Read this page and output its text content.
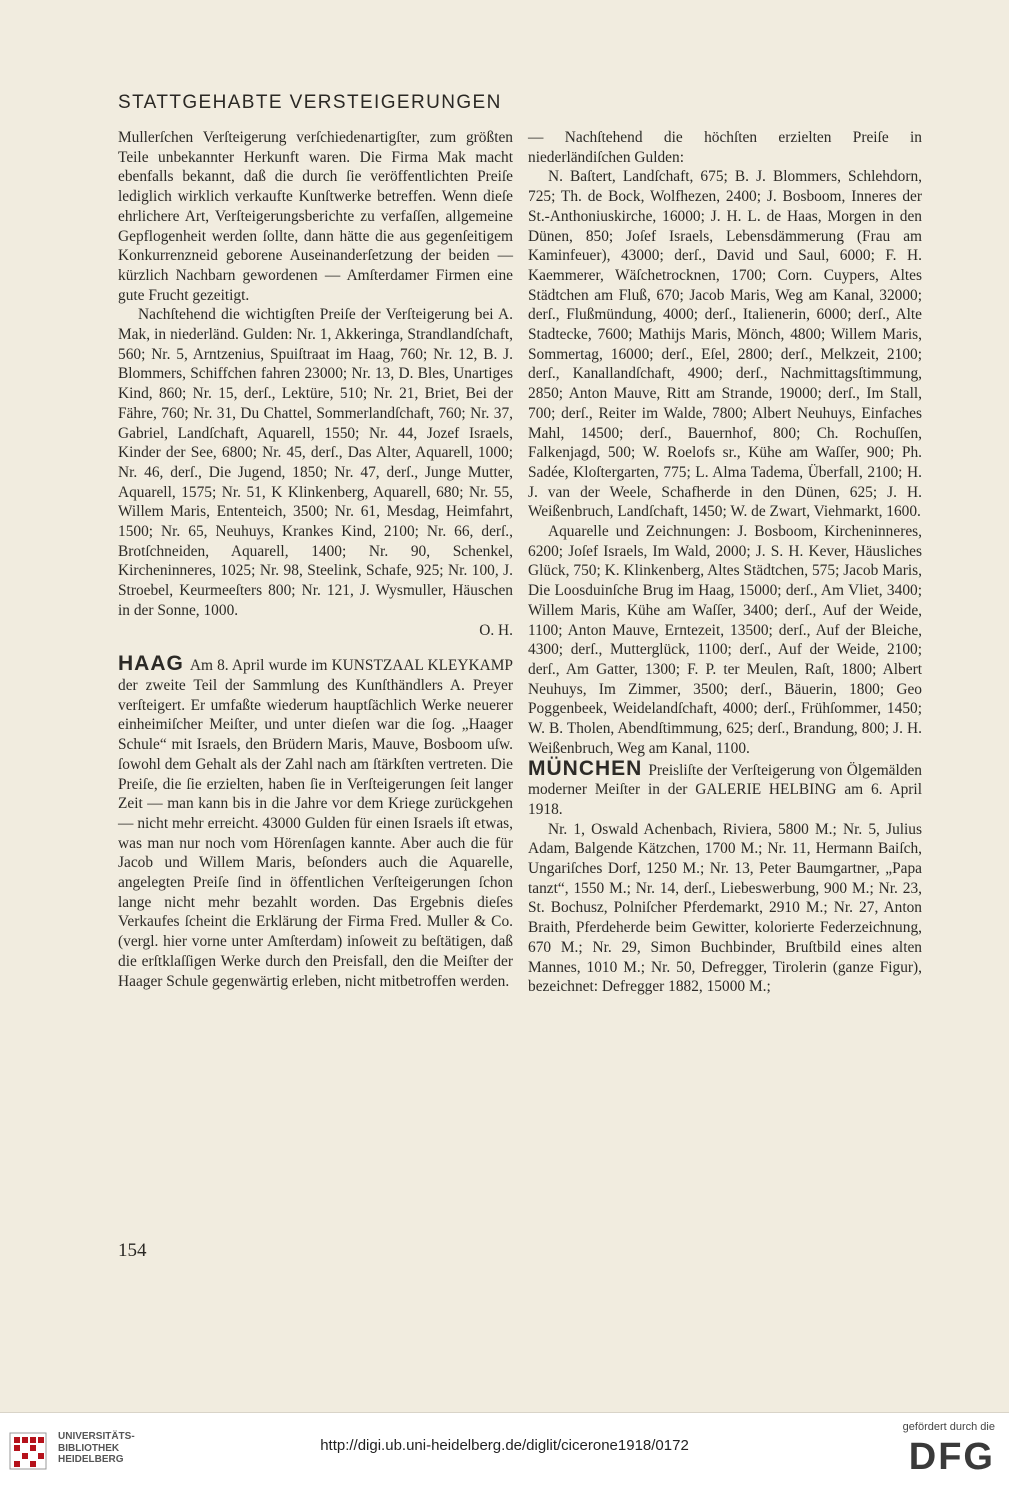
STATTGEHABTE VERSTEIGERUNGEN

Mullerſchen Verſteigerung verſchiedenartigſter, zum größten Teile unbekannter Herkunft waren. Die Firma Mak macht ebenfalls bekannt, daß die durch ſie veröffentlichten Preiſe lediglich wirklich verkaufte Kunſtwerke betreffen. Wenn dieſe ehrlichere Art, Verſteigerungsberichte zu verfaſſen, allgemeine Gepflogenheit werden ſollte, dann hätte die aus gegenſeitigem Konkurrenzneid geborene Auseinanderſetzung der beiden — kürzlich Nachbarn gewordenen — Amſterdamer Firmen eine gute Frucht gezeitigt.

Nachſtehend die wichtigſten Preiſe der Verſteigerung bei A. Mak, in niederländ. Gulden: Nr. 1, Akkeringa, Strandlandſchaft, 560; Nr. 5, Arntzenius, Spuiſtraat im Haag, 760; Nr. 12, B. J. Blommers, Schiffchen fahren 23000; Nr. 13, D. Bles, Unartiges Kind, 860; Nr. 15, derſ., Lektüre, 510; Nr. 21, Briet, Bei der Fähre, 760; Nr. 31, Du Chattel, Sommerlandſchaft, 760; Nr. 37, Gabriel, Landſchaft, Aquarell, 1550; Nr. 44, Jozef Israels, Kinder der See, 6800; Nr. 45, derſ., Das Alter, Aquarell, 1000; Nr. 46, derſ., Die Jugend, 1850; Nr. 47, derſ., Junge Mutter, Aquarell, 1575; Nr. 51, K Klinkenberg, Aquarell, 680; Nr. 55, Willem Maris, Ententeich, 3500; Nr. 61, Mesdag, Heimfahrt, 1500; Nr. 65, Neuhuys, Krankes Kind, 2100; Nr. 66, derſ., Brotſchneiden, Aquarell, 1400; Nr. 90, Schenkel, Kircheninneres, 1025; Nr. 98, Steelink, Schafe, 925; Nr. 100, J. Stroebel, Keurmeeſters 800; Nr. 121, J. Wysmuller, Häuschen in der Sonne, 1000.

O. H.

HAAG Am 8. April wurde im KUNSTZAAL KLEYKAMP der zweite Teil der Sammlung des Kunſthändlers A. Preyer verſteigert. Er umfaßte wiederum hauptſächlich Werke neuerer einheimiſcher Meiſter, und unter dieſen war die ſog. „Haager Schule“ mit Israels, den Brüdern Maris, Mauve, Bosboom uſw. ſowohl dem Gehalt als der Zahl nach am ſtärkſten vertreten. Die Preiſe, die ſie erzielten, haben ſie in Verſteigerungen ſeit langer Zeit — man kann bis in die Jahre vor dem Kriege zurückgehen — nicht mehr erreicht. 43000 Gulden für einen Israels iſt etwas, was man nur noch vom Hörenſagen kannte. Aber auch die für Jacob und Willem Maris, beſonders auch die Aquarelle, angelegten Preiſe ſind in öffentlichen Verſteigerungen ſchon lange nicht mehr bezahlt worden. Das Ergebnis dieſes Verkaufes ſcheint die Erklärung der Firma Fred. Muller & Co. (vergl. hier vorne unter Amſterdam) inſoweit zu beſtätigen, daß die erſtklaſſigen Werke durch den Preisfall, den die Meiſter der Haager Schule gegenwärtig erleben, nicht mitbetroffen werden.

— Nachſtehend die höchſten erzielten Preiſe in niederländiſchen Gulden:

N. Baſtert, Landſchaft, 675; B. J. Blommers, Schlehdorn, 725; Th. de Bock, Wolfhezen, 2400; J. Bosboom, Inneres der St.-Anthoniuskirche, 16000; J. H. L. de Haas, Morgen in den Dünen, 850; Joſef Israels, Lebensdämmerung (Frau am Kaminfeuer), 43000; derſ., David und Saul, 6000; F. H. Kaemmerer, Wäſchetrocknen, 1700; Corn. Cuypers, Altes Städtchen am Fluß, 670; Jacob Maris, Weg am Kanal, 32000; derſ., Flußmündung, 4000; derſ., Italienerin, 6000; derſ., Alte Stadtecke, 7600; Mathijs Maris, Mönch, 4800; Willem Maris, Sommertag, 16000; derſ., Eſel, 2800; derſ., Melkzeit, 2100; derſ., Kanallandſchaft, 4900; derſ., Nachmittagsſtimmung, 2850; Anton Mauve, Ritt am Strande, 19000; derſ., Im Stall, 700; derſ., Reiter im Walde, 7800; Albert Neuhuys, Einfaches Mahl, 14500; derſ., Bauernhof, 800; Ch. Rochuſſen, Falkenjagd, 500; W. Roelofs sr., Kühe am Waſſer, 900; Ph. Sadée, Kloſtergarten, 775; L. Alma Tadema, Überfall, 2100; H. J. van der Weele, Schafherde in den Dünen, 625; J. H. Weißenbruch, Landſchaft, 1450; W. de Zwart, Viehmarkt, 1600.

Aquarelle und Zeichnungen: J. Bosboom, Kircheninneres, 6200; Joſef Israels, Im Wald, 2000; J. S. H. Kever, Häusliches Glück, 750; K. Klinkenberg, Altes Städtchen, 575; Jacob Maris, Die Loosduinſche Brug im Haag, 15000; derſ., Am Vliet, 3400; Willem Maris, Kühe am Waſſer, 3400; derſ., Auf der Weide, 1100; Anton Mauve, Erntezeit, 13500; derſ., Auf der Bleiche, 4300; derſ., Mutterglück, 1100; derſ., Auf der Weide, 2100; derſ., Am Gatter, 1300; F. P. ter Meulen, Raſt, 1800; Albert Neuhuys, Im Zimmer, 3500; derſ., Bäuerin, 1800; Geo Poggenbeek, Weidelandſchaft, 4000; derſ., Frühſommer, 1450; W. B. Tholen, Abendſtimmung, 625; derſ., Brandung, 800; J. H. Weißenbruch, Weg am Kanal, 1100.

MÜNCHEN Preisliſte der Verſteigerung von Ölgemälden moderner Meiſter in der GALERIE HELBING am 6. April 1918.

Nr. 1, Oswald Achenbach, Riviera, 5800 M.; Nr. 5, Julius Adam, Balgende Kätzchen, 1700 M.; Nr. 11, Hermann Baiſch, Ungariſches Dorf, 1250 M.; Nr. 13, Peter Baumgartner, „Papa tanzt“, 1550 M.; Nr. 14, derſ., Liebeswerbung, 900 M.; Nr. 23, St. Bochusz, Polniſcher Pferdemarkt, 2910 M.; Nr. 27, Anton Braith, Pferdeherde beim Gewitter, kolorierte Federzeichnung, 670 M.; Nr. 29, Simon Buchbinder, Bruſtbild eines alten Mannes, 1010 M.; Nr. 50, Defregger, Tirolerin (ganze Figur), bezeichnet: Defregger 1882, 15000 M.;

154
UNIVERSITÄTS-
BIBLIOTHEK
HEIDELBERG
http://digi.ub.uni-heidelberg.de/diglit/cicerone1918/0172
gefördert durch die
DFG
